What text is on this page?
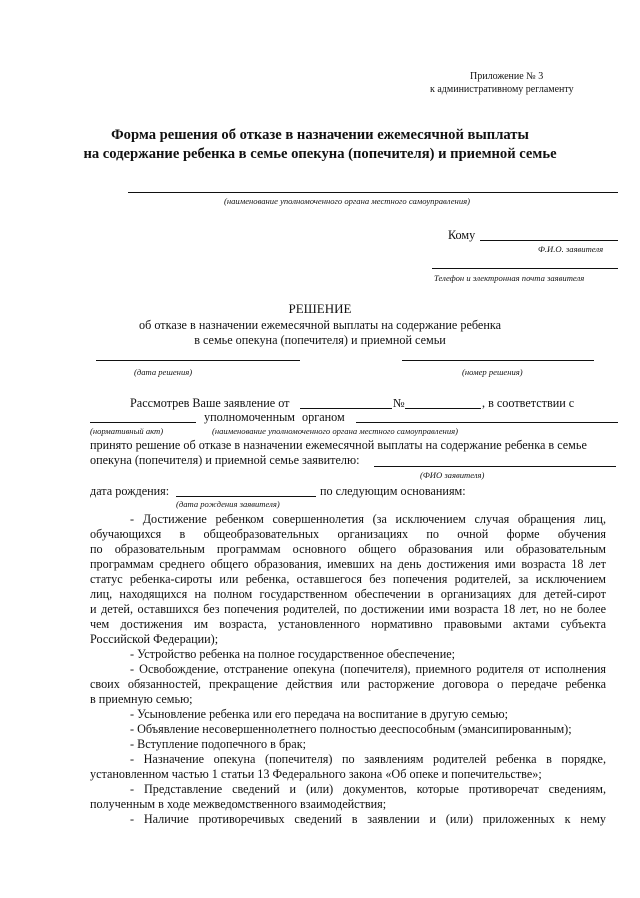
Приложение № 3
к административному регламенту
Форма решения об отказе в назначении ежемесячной выплаты
на содержание ребенка в семье опекуна (попечителя) и приемной семье
(наименование уполномоченного органа местного самоуправления)
Кому
Ф.И.О. заявителя
Телефон и электронная почта заявителя
РЕШЕНИЕ
об отказе в назначении ежемесячной выплаты на содержание ребенка
в семье опекуна (попечителя) и приемной семьи
(дата решения)	(номер решения)
Рассмотрев Ваше заявление от	№	, в соответствии с
уполномоченным органом
(нормативный акт)	(наименование уполномоченного органа местного самоуправления)
принято решение об отказе в назначении ежемесячной выплаты на содержание ребенка в семье
опекуна (попечителя) и приемной семье заявителю:
(ФИО заявителя)
дата рождения:	по следующим основаниям:
(дата рождения заявителя)
- Достижение ребенком совершеннолетия (за исключением случая обращения лиц,
обучающихся в общеобразовательных организациях по очной форме обучения
по образовательным программам основного общего образования или образовательным
программам среднего общего образования, имевших на день достижения ими возраста 18 лет
статус ребенка-сироты или ребенка, оставшегося без попечения родителей, за исключением
лиц, находящихся на полном государственном обеспечении в организациях для детей-сирот
и детей, оставшихся без попечения родителей, по достижении ими возраста 18 лет, но не более
чем достижения им возраста, установленного нормативно правовыми актами субъекта
Российской Федерации);
- Устройство ребенка на полное государственное обеспечение;
- Освобождение, отстранение опекуна (попечителя), приемного родителя от исполнения
своих обязанностей, прекращение действия или расторжение договора о передаче ребенка
в приемную семью;
- Усыновление ребенка или его передача на воспитание в другую семью;
- Объявление несовершеннолетнего полностью дееспособным (эмансипированным);
- Вступление подопечного в брак;
- Назначение опекуна (попечителя) по заявлениям родителей ребенка в порядке,
установленном частью 1 статьи 13 Федерального закона «Об опеке и попечительстве»;
- Представление сведений и (или) документов, которые противоречат сведениям,
полученным в ходе межведомственного взаимодействия;
- Наличие противоречивых сведений в заявлении и (или) приложенных к нему
